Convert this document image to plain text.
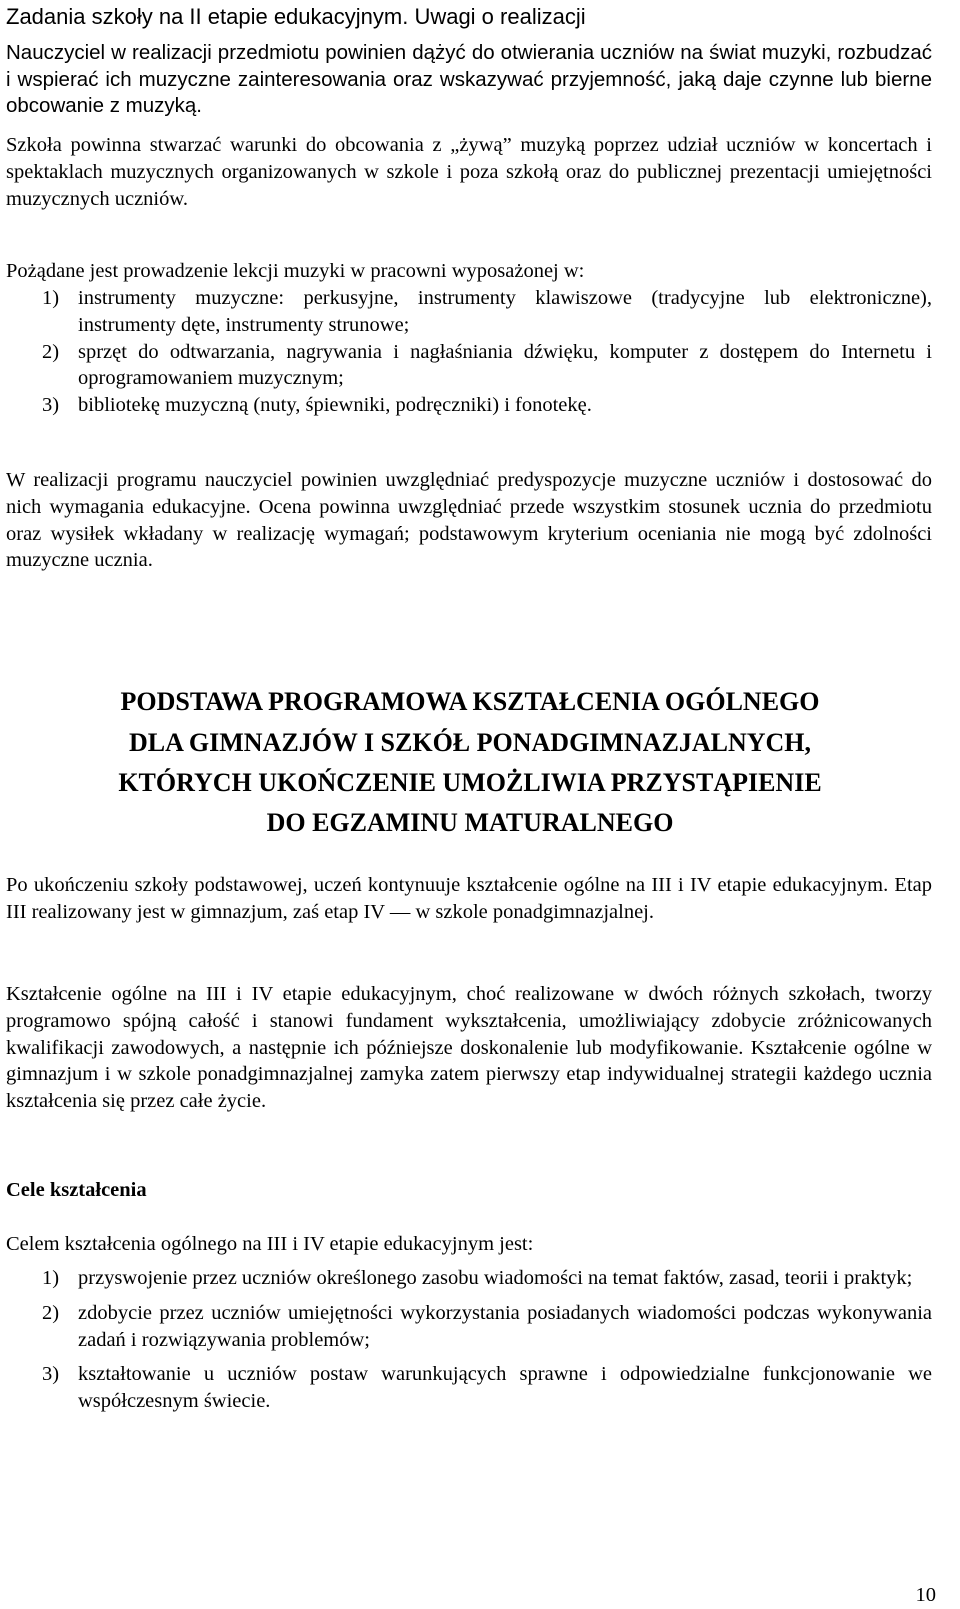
Zadania szkoły na II etapie edukacyjnym. Uwagi o realizacji
Nauczyciel w realizacji przedmiotu powinien dążyć do otwierania uczniów na świat muzyki, rozbudzać i wspierać ich muzyczne zainteresowania oraz wskazywać przyjemność, jaką daje czynne lub bierne obcowanie z muzyką.
Szkoła powinna stwarzać warunki do obcowania z „żywą” muzyką poprzez udział uczniów w koncertach i spektaklach muzycznych organizowanych w szkole i poza szkołą oraz do publicznej prezentacji umiejętności muzycznych uczniów.
Pożądane jest prowadzenie lekcji muzyki w pracowni wyposażonej w:
1) instrumenty muzyczne: perkusyjne, instrumenty klawiszowe (tradycyjne lub elektroniczne), instrumenty dęte, instrumenty strunowe;
2) sprzęt do odtwarzania, nagrywania i nagłaśniania dźwięku, komputer z dostępem do Internetu i oprogramowaniem muzycznym;
3) bibliotekę muzyczną (nuty, śpiewniki, podręczniki) i fonotekę.
W realizacji programu nauczyciel powinien uwzględniać predyspozycje muzyczne uczniów i dostosować do nich wymagania edukacyjne. Ocena powinna uwzględniać przede wszystkim stosunek ucznia do przedmiotu oraz wysiłek wkładany w realizację wymagań; podstawowym kryterium oceniania nie mogą być zdolności muzyczne ucznia.
PODSTAWA PROGRAMOWA KSZTAŁCENIA OGÓLNEGO
DLA GIMNAZJÓW I SZKÓŁ PONADGIMNAZJALNYCH,
KTÓRYCH UKOŃCZENIE UMOŻLIWIA PRZYSTĄPIENIE
DO EGZAMINU MATURALNEGO
Po ukończeniu szkoły podstawowej, uczeń kontynuuje kształcenie ogólne na III i IV etapie edukacyjnym. Etap III realizowany jest w gimnazjum, zaś etap IV — w szkole ponadgimnazjalnej.
Kształcenie ogólne na III i IV etapie edukacyjnym, choć realizowane w dwóch różnych szkołach, tworzy programowo spójną całość i stanowi fundament wykształcenia, umożliwiający zdobycie zróżnicowanych kwalifikacji zawodowych, a następnie ich późniejsze doskonalenie lub modyfikowanie. Kształcenie ogólne w gimnazjum i w szkole ponadgimnazjalnej zamyka zatem pierwszy etap indywidualnej strategii każdego ucznia kształcenia się przez całe życie.
Cele kształcenia
Celem kształcenia ogólnego na III i IV etapie edukacyjnym jest:
1) przyswojenie przez uczniów określonego zasobu wiadomości na temat faktów, zasad, teorii i praktyk;
2) zdobycie przez uczniów umiejętności wykorzystania posiadanych wiadomości podczas wykonywania zadań i rozwiązywania problemów;
3) kształtowanie u uczniów postaw warunkujących sprawne i odpowiedzialne funkcjonowanie we współczesnym świecie.
10
